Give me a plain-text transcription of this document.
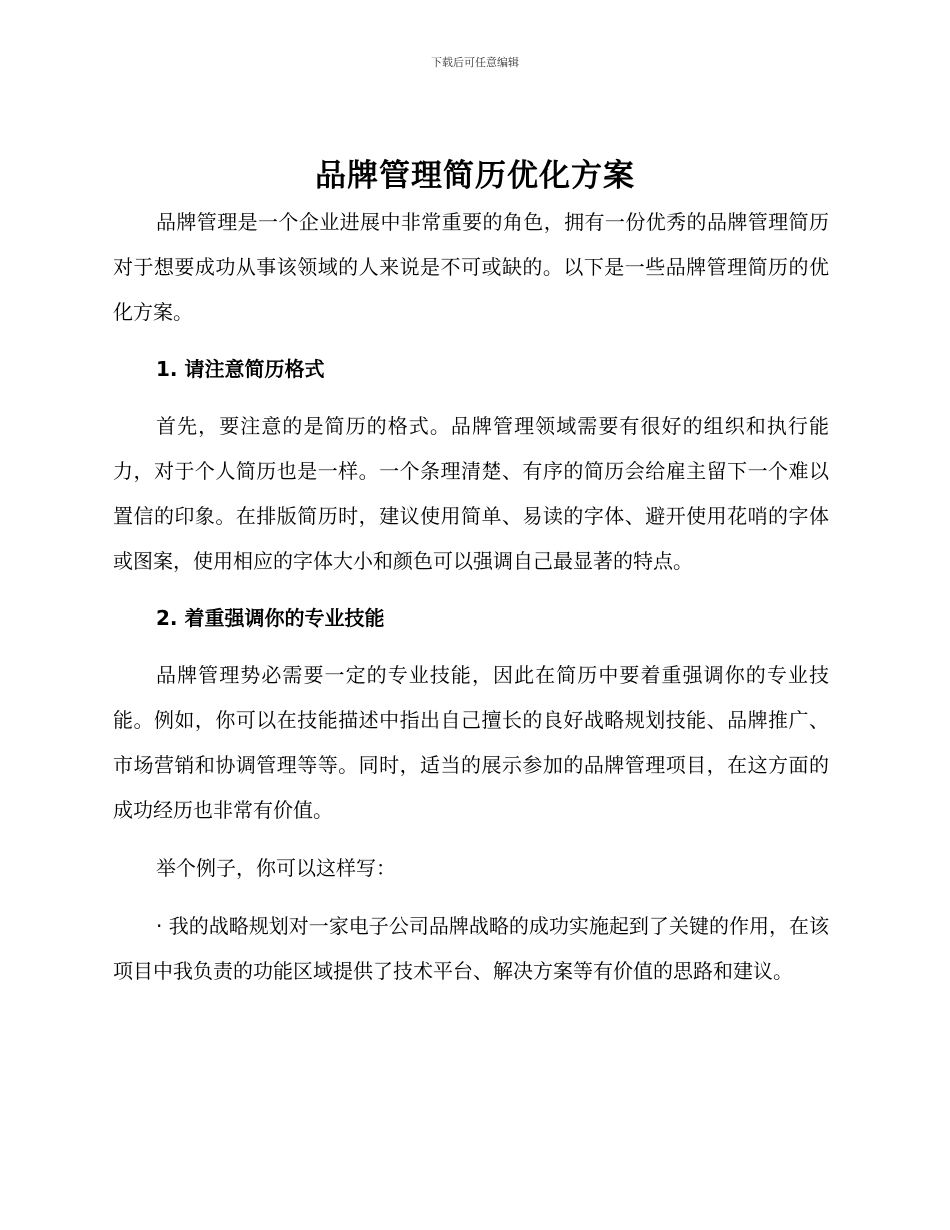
下载后可任意编辑
品牌管理简历优化方案

品牌管理是一个企业进展中非常重要的角色，拥有一份优秀的品牌管理简历对于想要成功从事该领域的人来说是不可或缺的。以下是一些品牌管理简历的优化方案。

1. 请注意简历格式

首先，要注意的是简历的格式。品牌管理领域需要有很好的组织和执行能力，对于个人简历也是一样。一个条理清楚、有序的简历会给雇主留下一个难以置信的印象。在排版简历时，建议使用简单、易读的字体、避开使用花哨的字体或图案，使用相应的字体大小和颜色可以强调自己最显著的特点。

2. 着重强调你的专业技能

品牌管理势必需要一定的专业技能，因此在简历中要着重强调你的专业技能。例如，你可以在技能描述中指出自己擅长的良好战略规划技能、品牌推广、市场营销和协调管理等等。同时，适当的展示参加的品牌管理项目，在这方面的成功经历也非常有价值。

举个例子，你可以这样写：

· 我的战略规划对一家电子公司品牌战略的成功实施起到了关键的作用，在该项目中我负责的功能区域提供了技术平台、解决方案等有价值的思路和建议。
